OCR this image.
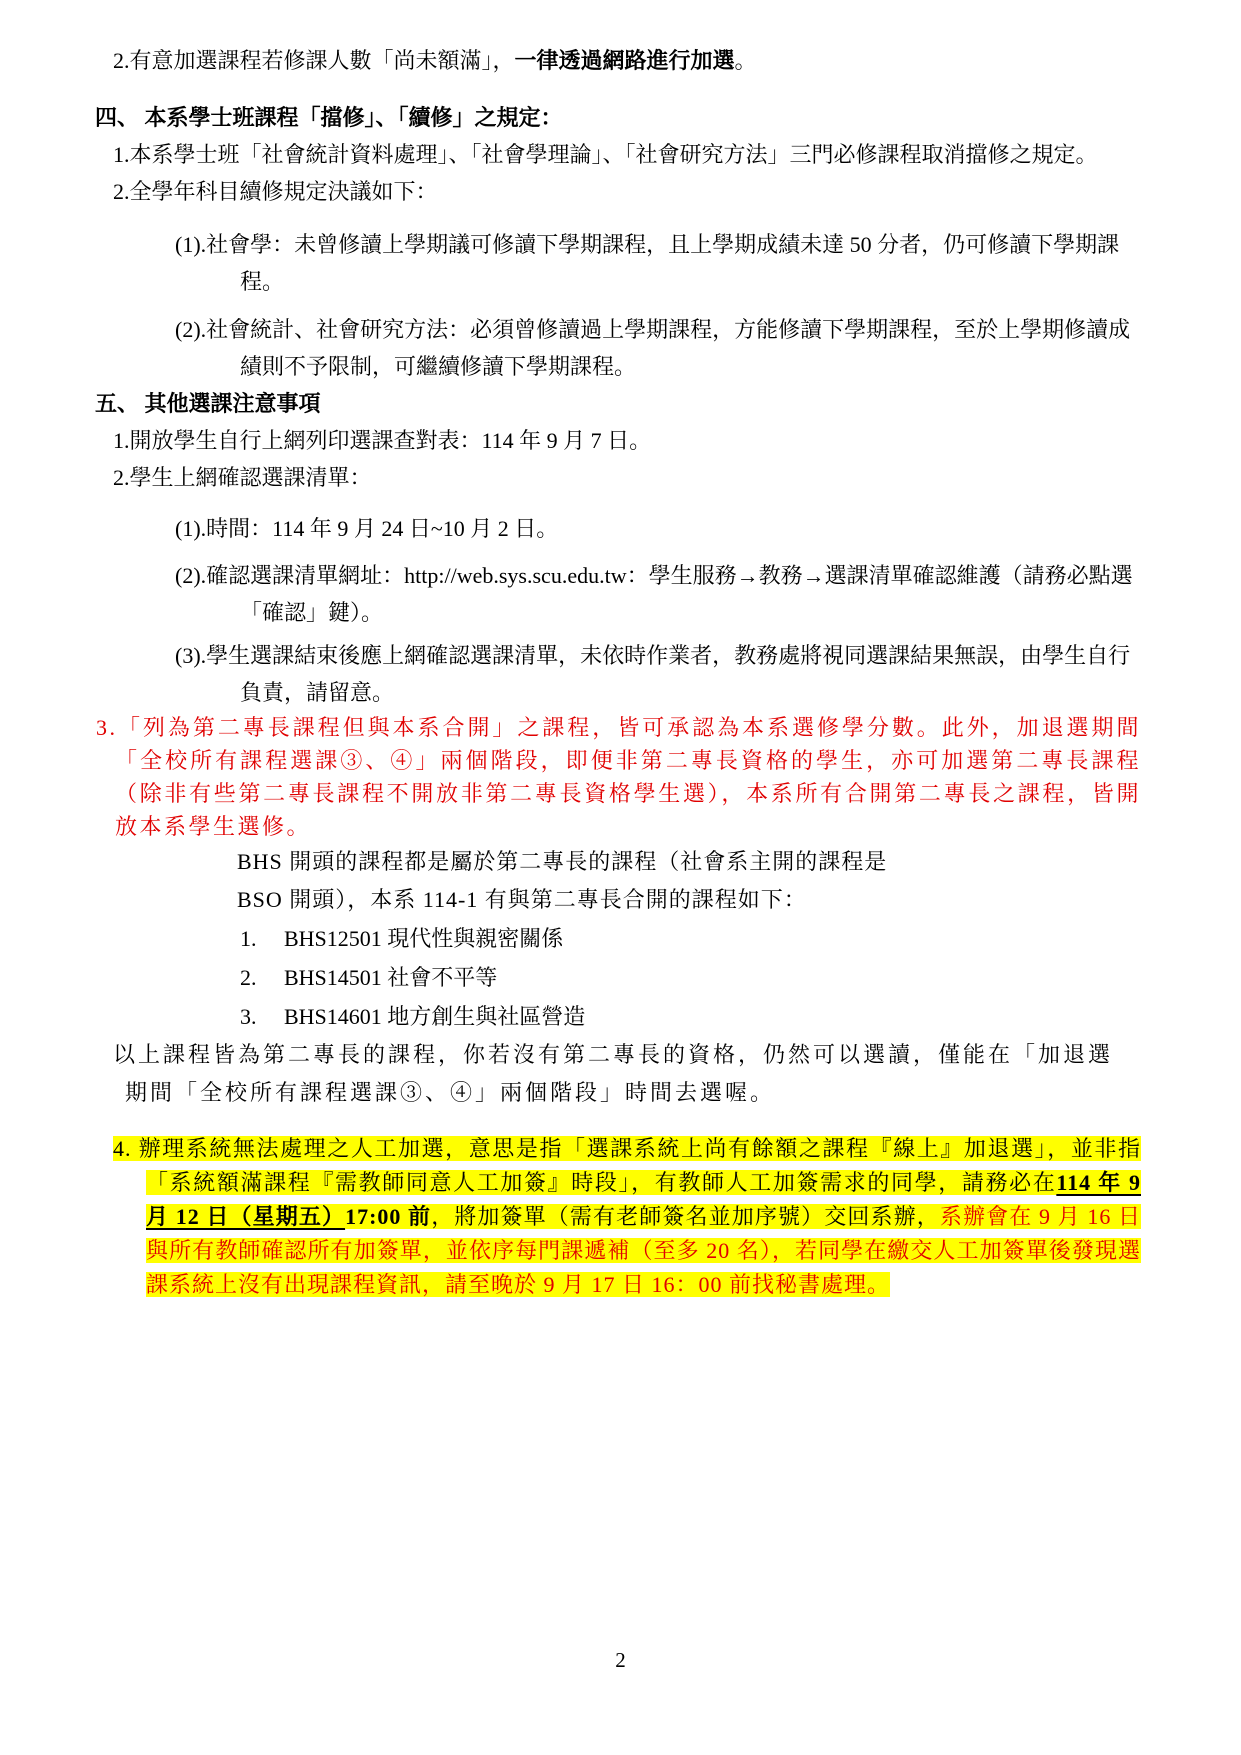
2.有意加選課程若修課人數「尚未額滿」，一律透過網路進行加選。

四、 本系學士班課程「擋修」、「續修」之規定：

1.本系學士班「社會統計資料處理」、「社會學理論」、「社會研究方法」三門必修課程取消擋修之規定。

2.全學年科目續修規定決議如下：

(1).社會學：未曾修讀上學期議可修讀下學期課程，且上學期成績未達 50 分者，仍可修讀下學期課程。

(2).社會統計、社會研究方法：必須曾修讀過上學期課程，方能修讀下學期課程，至於上學期修讀成績則不予限制，可繼續修讀下學期課程。

五、 其他選課注意事項

1.開放學生自行上網列印選課查對表：114 年 9 月 7 日。

2.學生上網確認選課清單：

(1).時間：114 年 9 月 24 日~10 月 2 日。

(2).確認選課清單網址：http://web.sys.scu.edu.tw：學生服務→教務→選課清單確認維護（請務必點選「確認」鍵）。

(3).學生選課結束後應上網確認選課清單，未依時作業者，教務處將視同選課結果無誤，由學生自行負責，請留意。

3.「列為第二專長課程但與本系合開」之課程，皆可承認為本系選修學分數。此外，加退選期間「全校所有課程選課③、④」兩個階段，即便非第二專長資格的學生，亦可加選第二專長課程（除非有些第二專長課程不開放非第二專長資格學生選），本系所有合開第二專長之課程，皆開放本系學生選修。

BHS 開頭的課程都是屬於第二專長的課程（社會系主開的課程是 BSO 開頭），本系 114-1 有與第二專長合開的課程如下：

1. BHS12501 現代性與親密關係
2. BHS14501 社會不平等
3. BHS14601 地方創生與社區營造

以上課程皆為第二專長的課程，你若沒有第二專長的資格，仍然可以選讀，僅能在「加退選期間「全校所有課程選課③、④」兩個階段」時間去選喔。

4. 辦理系統無法處理之人工加選，意思是指「選課系統上尚有餘額之課程『線上』加退選」，並非指「系統額滿課程『需教師同意人工加簽』時段」，有教師人工加簽需求的同學，請務必在114 年 9 月 12 日（星期五）17:00 前，將加簽單（需有老師簽名並加序號）交回系辦，系辦會在 9 月 16 日與所有教師確認所有加簽單，並依序每門課遞補（至多 20 名），若同學在繳交人工加簽單後發現選課系統上沒有出現課程資訊，請至晚於 9 月 17 日 16：00 前找秘書處理。

2
